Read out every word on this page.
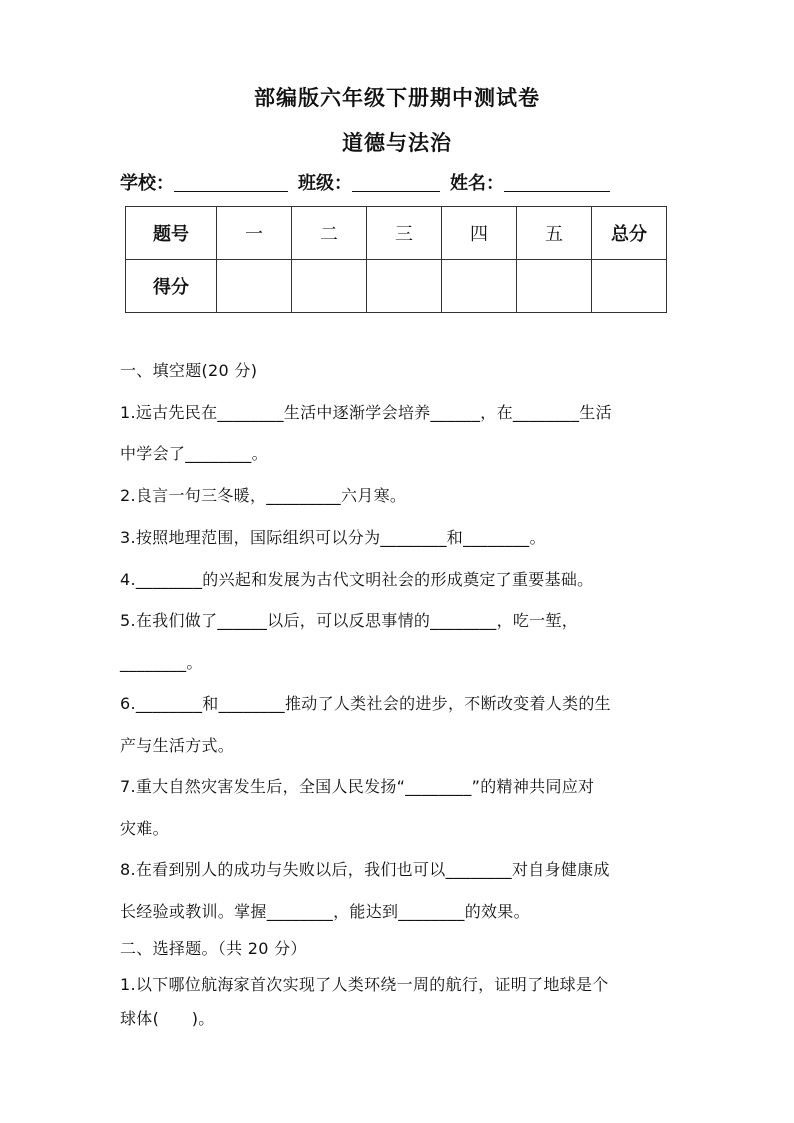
部编版六年级下册期中测试卷
道德与法治
学校：	班级：	姓名：
题号	一	二	三	四	五	总分
得分						
一、填空题(20 分)
1.远古先民在________生活中逐渐学会培养______，在________生活
中学会了________。
2.良言一句三冬暖，_________六月寒。
3.按照地理范围，国际组织可以分为________和________。
4.________的兴起和发展为古代文明社会的形成奠定了重要基础。
5.在我们做了______以后，可以反思事情的________，吃一堑，
________。
6.________和________推动了人类社会的进步，不断改变着人类的生
产与生活方式。
7.重大自然灾害发生后，全国人民发扬“________”的精神共同应对
灾难。
8.在看到别人的成功与失败以后，我们也可以________对自身健康成
长经验或教训。掌握________，能达到________的效果。
二、选择题。（共 20 分）
1.以下哪位航海家首次实现了人类环绕一周的航行，证明了地球是个
球体(　　)。
